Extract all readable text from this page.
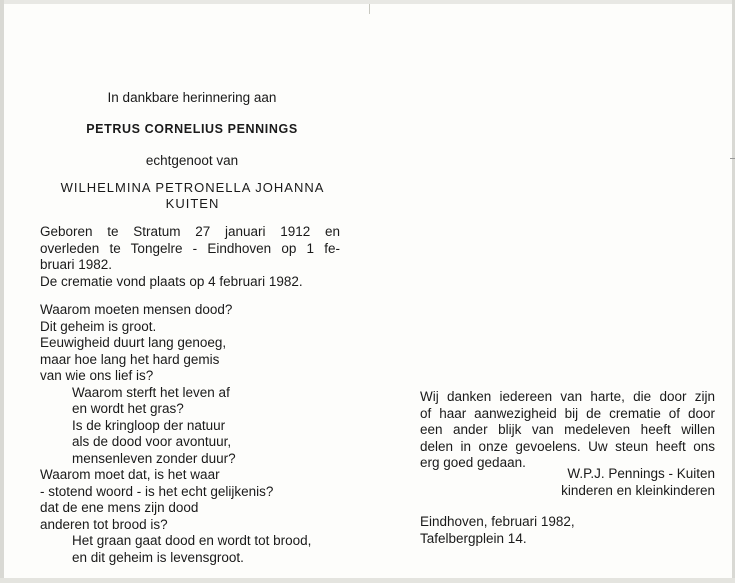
In dankbare herinnering aan
PETRUS CORNELIUS PENNINGS
echtgenoot van
WILHELMINA PETRONELLA JOHANNA
KUITEN
Geboren te Stratum 27 januari 1912 en
overleden te Tongelre - Eindhoven op 1 fe-
bruari 1982.
De crematie vond plaats op 4 februari 1982.
Waarom moeten mensen dood?
Dit geheim is groot.
Eeuwigheid duurt lang genoeg,
maar hoe lang het hard gemis
van wie ons lief is?
Waarom sterft het leven af
en wordt het gras?
Is de kringloop der natuur
als de dood voor avontuur,
mensenleven zonder duur?
Waarom moet dat, is het waar
- stotend woord - is het echt gelijkenis?
dat de ene mens zijn dood
anderen tot brood is?
Het graan gaat dood en wordt tot brood,
en dit geheim is levensgroot.
Wij danken iedereen van harte, die door zijn
of haar aanwezigheid bij de crematie of door
een ander blijk van medeleven heeft willen
delen in onze gevoelens. Uw steun heeft ons
erg goed gedaan.
W.P.J. Pennings - Kuiten
kinderen en kleinkinderen
Eindhoven, februari 1982,
Tafelbergplein 14.
